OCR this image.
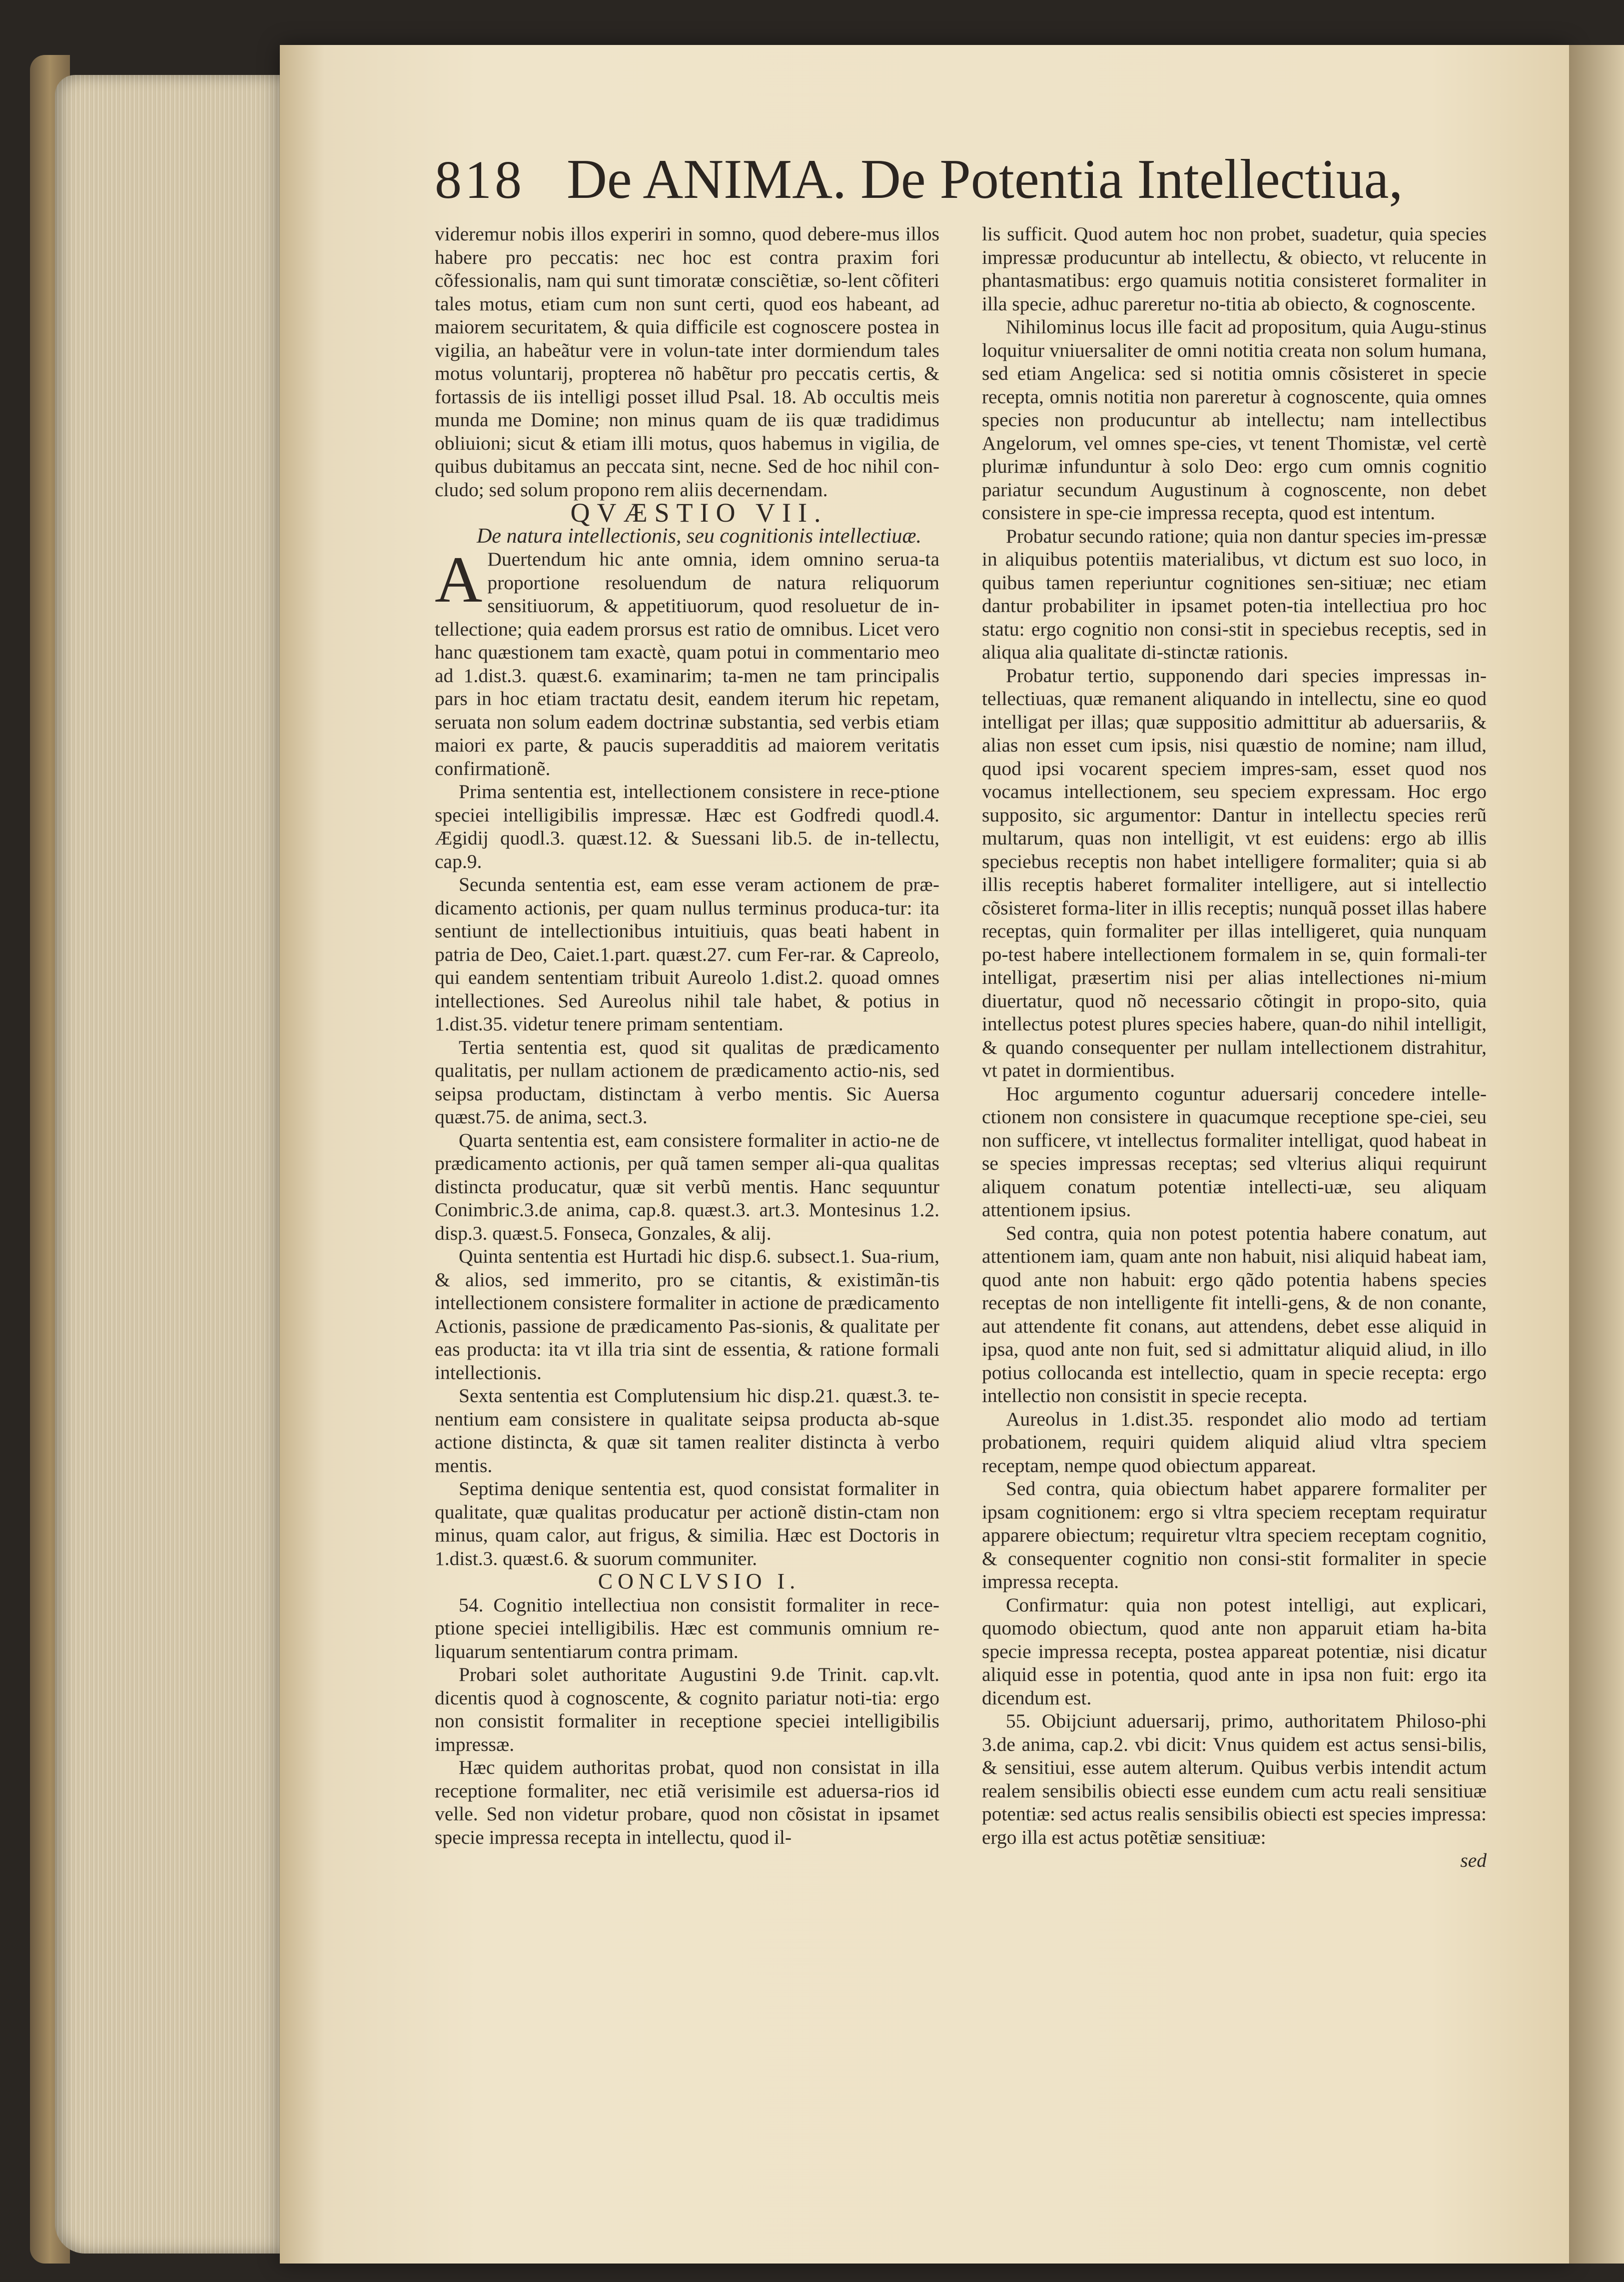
818 De ANIMA. De Potentia Intellectiua,

videremur nobis illos experiri in somno, quod debere-mus illos habere pro peccatis: nec hoc est contra praxim fori cõfessionalis, nam qui sunt timoratæ consciẽtiæ, so-lent cõfiteri tales motus, etiam cum non sunt certi, quod eos habeant, ad maiorem securitatem, & quia difficile est cognoscere postea in vigilia, an habeãtur vere in volun-tate inter dormiendum tales motus voluntarij, propterea nõ habẽtur pro peccatis certis, & fortassis de iis intelligi posset illud Psal. 18. Ab occultis meis munda me Domine; non minus quam de iis quæ tradidimus obliuioni; sicut & etiam illi motus, quos habemus in vigilia, de quibus dubitamus an peccata sint, necne. Sed de hoc nihil con-cludo; sed solum propono rem aliis decernendam.

QVÆSTIO VII.

De natura intellectionis, seu cognitionis intellectiuæ.

A Duertendum hic ante omnia, idem omnino serua-ta proportione resoluendum de natura reliquorum sensitiuorum, & appetitiuorum, quod resoluetur de in-tellectione; quia eadem prorsus est ratio de omnibus. Licet vero hanc quæstionem tam exactè, quam potui in commentario meo ad 1.dist.3. quæst.6. examinarim; ta-men ne tam principalis pars in hoc etiam tractatu desit, eandem iterum hic repetam, seruata non solum eadem doctrinæ substantia, sed verbis etiam maiori ex parte, & paucis superadditis ad maiorem veritatis confirmationẽ.

Prima sententia est, intellectionem consistere in rece-ptione speciei intelligibilis impressæ. Hæc est Godfredi quodl.4. Ægidij quodl.3. quæst.12. & Suessani lib.5. de in-tellectu, cap.9.

Secunda sententia est, eam esse veram actionem de præ-dicamento actionis, per quam nullus terminus producа-tur: ita sentiunt de intellectionibus intuitiuis, quas beati habent in patria de Deo, Caiet.1.part. quæst.27. cum Fer-rar. & Capreolo, qui eandem sententiam tribuit Aureolo 1.dist.2. quoad omnes intellectiones. Sed Aureolus nihil tale habet, & potius in 1.dist.35. videtur tenere primam sententiam.

Tertia sententia est, quod sit qualitas de prædicamento qualitatis, per nullam actionem de prædicamento actio-nis, sed seipsa productam, distinctam à verbo mentis. Sic Auersa quæst.75. de anima, sect.3.

Quarta sententia est, eam consistere formaliter in actio-ne de prædicamento actionis, per quã tamen semper ali-qua qualitas distincta producatur, quæ sit verbũ mentis. Hanc sequuntur Conimbric.3.de anima, cap.8. quæst.3. art.3. Montesinus 1.2. disp.3. quæst.5. Fonseca, Gonzales, & alij.

Quinta sententia est Hurtadi hic disp.6. subsect.1. Sua-rium, & alios, sed immerito, pro se citantis, & existimãn-tis intellectionem consistere formaliter in actione de prædicamento Actionis, passione de prædicamento Pas-sionis, & qualitate per eas producta: ita vt illa tria sint de essentia, & ratione formali intellectionis.

Sexta sententia est Complutensium hic disp.21. quæst.3. te-nentium eam consistere in qualitate seipsa producta ab-sque actione distincta, & quæ sit tamen realiter distincta à verbo mentis.

Septima denique sententia est, quod consistat formaliter in qualitate, quæ qualitas producatur per actionẽ distin-ctam non minus, quam calor, aut frigus, & similia. Hæc est Doctoris in 1.dist.3. quæst.6. & suorum communiter.

CONCLVSIO I.

54. Cognitio intellectiua non consistit formaliter in rece-ptione speciei intelligibilis. Hæc est communis omnium re-liquarum sententiarum contra primam.

Probari solet authoritate Augustini 9.de Trinit. cap.vlt. dicentis quod à cognoscente, & cognito pariatur noti-tia: ergo non consistit formaliter in receptione speciei intelligibilis impressæ.

Hæc quidem authoritas probat, quod non consistat in illa receptione formaliter, nec etiã verisimile est aduersa-rios id velle. Sed non videtur probare, quod non cõsistat in ipsamet specie impressa recepta in intellectu, quod il-

lis sufficit. Quod autem hoc non probet, suadetur, quia species impressæ producuntur ab intellectu, & obiecto, vt relucente in phantasmatibus: ergo quamuis notitia consisteret formaliter in illa specie, adhuc pareretur no-titia ab obiecto, & cognoscente.

Nihilominus locus ille facit ad propositum, quia Augu-stinus loquitur vniuersaliter de omni notitia creata non solum humana, sed etiam Angelica: sed si notitia omnis cõsisteret in specie recepta, omnis notitia non pareretur à cognoscente, quia omnes species non producuntur ab intellectu; nam intellectibus Angelorum, vel omnes spe-cies, vt tenent Thomistæ, vel certè plurimæ infunduntur à solo Deo: ergo cum omnis cognitio pariatur secundum Augustinum à cognoscente, non debet consistere in spe-cie impressa recepta, quod est intentum.

Probatur secundo ratione; quia non dantur species im-pressæ in aliquibus potentiis materialibus, vt dictum est suo loco, in quibus tamen reperiuntur cognitiones sen-sitiuæ; nec etiam dantur probabiliter in ipsamet poten-tia intellectiua pro hoc statu: ergo cognitio non consi-stit in speciebus receptis, sed in aliqua alia qualitate di-stinctæ rationis.

Probatur tertio, supponendo dari species impressas in-tellectiuas, quæ remanent aliquando in intellectu, sine eo quod intelligat per illas; quæ suppositio admittitur ab aduersariis, & alias non esset cum ipsis, nisi quæstio de nomine; nam illud, quod ipsi vocarent speciem impres-sam, esset quod nos vocamus intellectionem, seu speciem expressam. Hoc ergo supposito, sic argumentor: Dantur in intellectu species rerũ multarum, quas non intelligit, vt est euidens: ergo ab illis speciebus receptis non habet intelligere formaliter; quia si ab illis receptis haberet formaliter intelligere, aut si intellectio cõsisteret forma-liter in illis receptis; nunquã posset illas habere receptas, quin formaliter per illas intelligeret, quia nunquam po-test habere intellectionem formalem in se, quin formali-ter intelligat, præsertim nisi per alias intellectiones ni-mium diuertatur, quod nõ necessario cõtingit in propo-sito, quia intellectus potest plures species habere, quan-do nihil intelligit, & quando consequenter per nullam intellectionem distrahitur, vt patet in dormientibus.

Hoc argumento coguntur aduersarij concedere intelle-ctionem non consistere in quacumque receptione spe-ciei, seu non sufficere, vt intellectus formaliter intelligat, quod habeat in se species impressas receptas; sed vlterius aliqui requirunt aliquem conatum potentiæ intellecti-uæ, seu aliquam attentionem ipsius.

Sed contra, quia non potest potentia habere conatum, aut attentionem iam, quam ante non habuit, nisi aliquid habeat iam, quod ante non habuit: ergo qãdo potentia habens species receptas de non intelligente fit intelli-gens, & de non conante, aut attendente fit conans, aut attendens, debet esse aliquid in ipsa, quod ante non fuit, sed si admittatur aliquid aliud, in illo potius collocanda est intellectio, quam in specie recepta: ergo intellectio non consistit in specie recepta.

Aureolus in 1.dist.35. respondet alio modo ad tertiam probationem, requiri quidem aliquid aliud vltra speciem receptam, nempe quod obiectum appareat.

Sed contra, quia obiectum habet apparere formaliter per ipsam cognitionem: ergo si vltra speciem receptam requiratur apparere obiectum; requiretur vltra speciem receptam cognitio, & consequenter cognitio non consi-stit formaliter in specie impressa recepta.

Confirmatur: quia non potest intelligi, aut explicari, quomodo obiectum, quod ante non apparuit etiam ha-bita specie impressa recepta, postea appareat potentiæ, nisi dicatur aliquid esse in potentia, quod ante in ipsa non fuit: ergo ita dicendum est.

55. Obijciunt aduersarij, primo, authoritatem Philoso-phi 3.de anima, cap.2. vbi dicit: Vnus quidem est actus sensi-bilis, & sensitiui, esse autem alterum. Quibus verbis intendit actum realem sensibilis obiecti esse eundem cum actu reali sensitiuæ potentiæ: sed actus realis sensibilis obiecti est species impressa: ergo illa est actus potẽtiæ sensitiuæ:

sed
